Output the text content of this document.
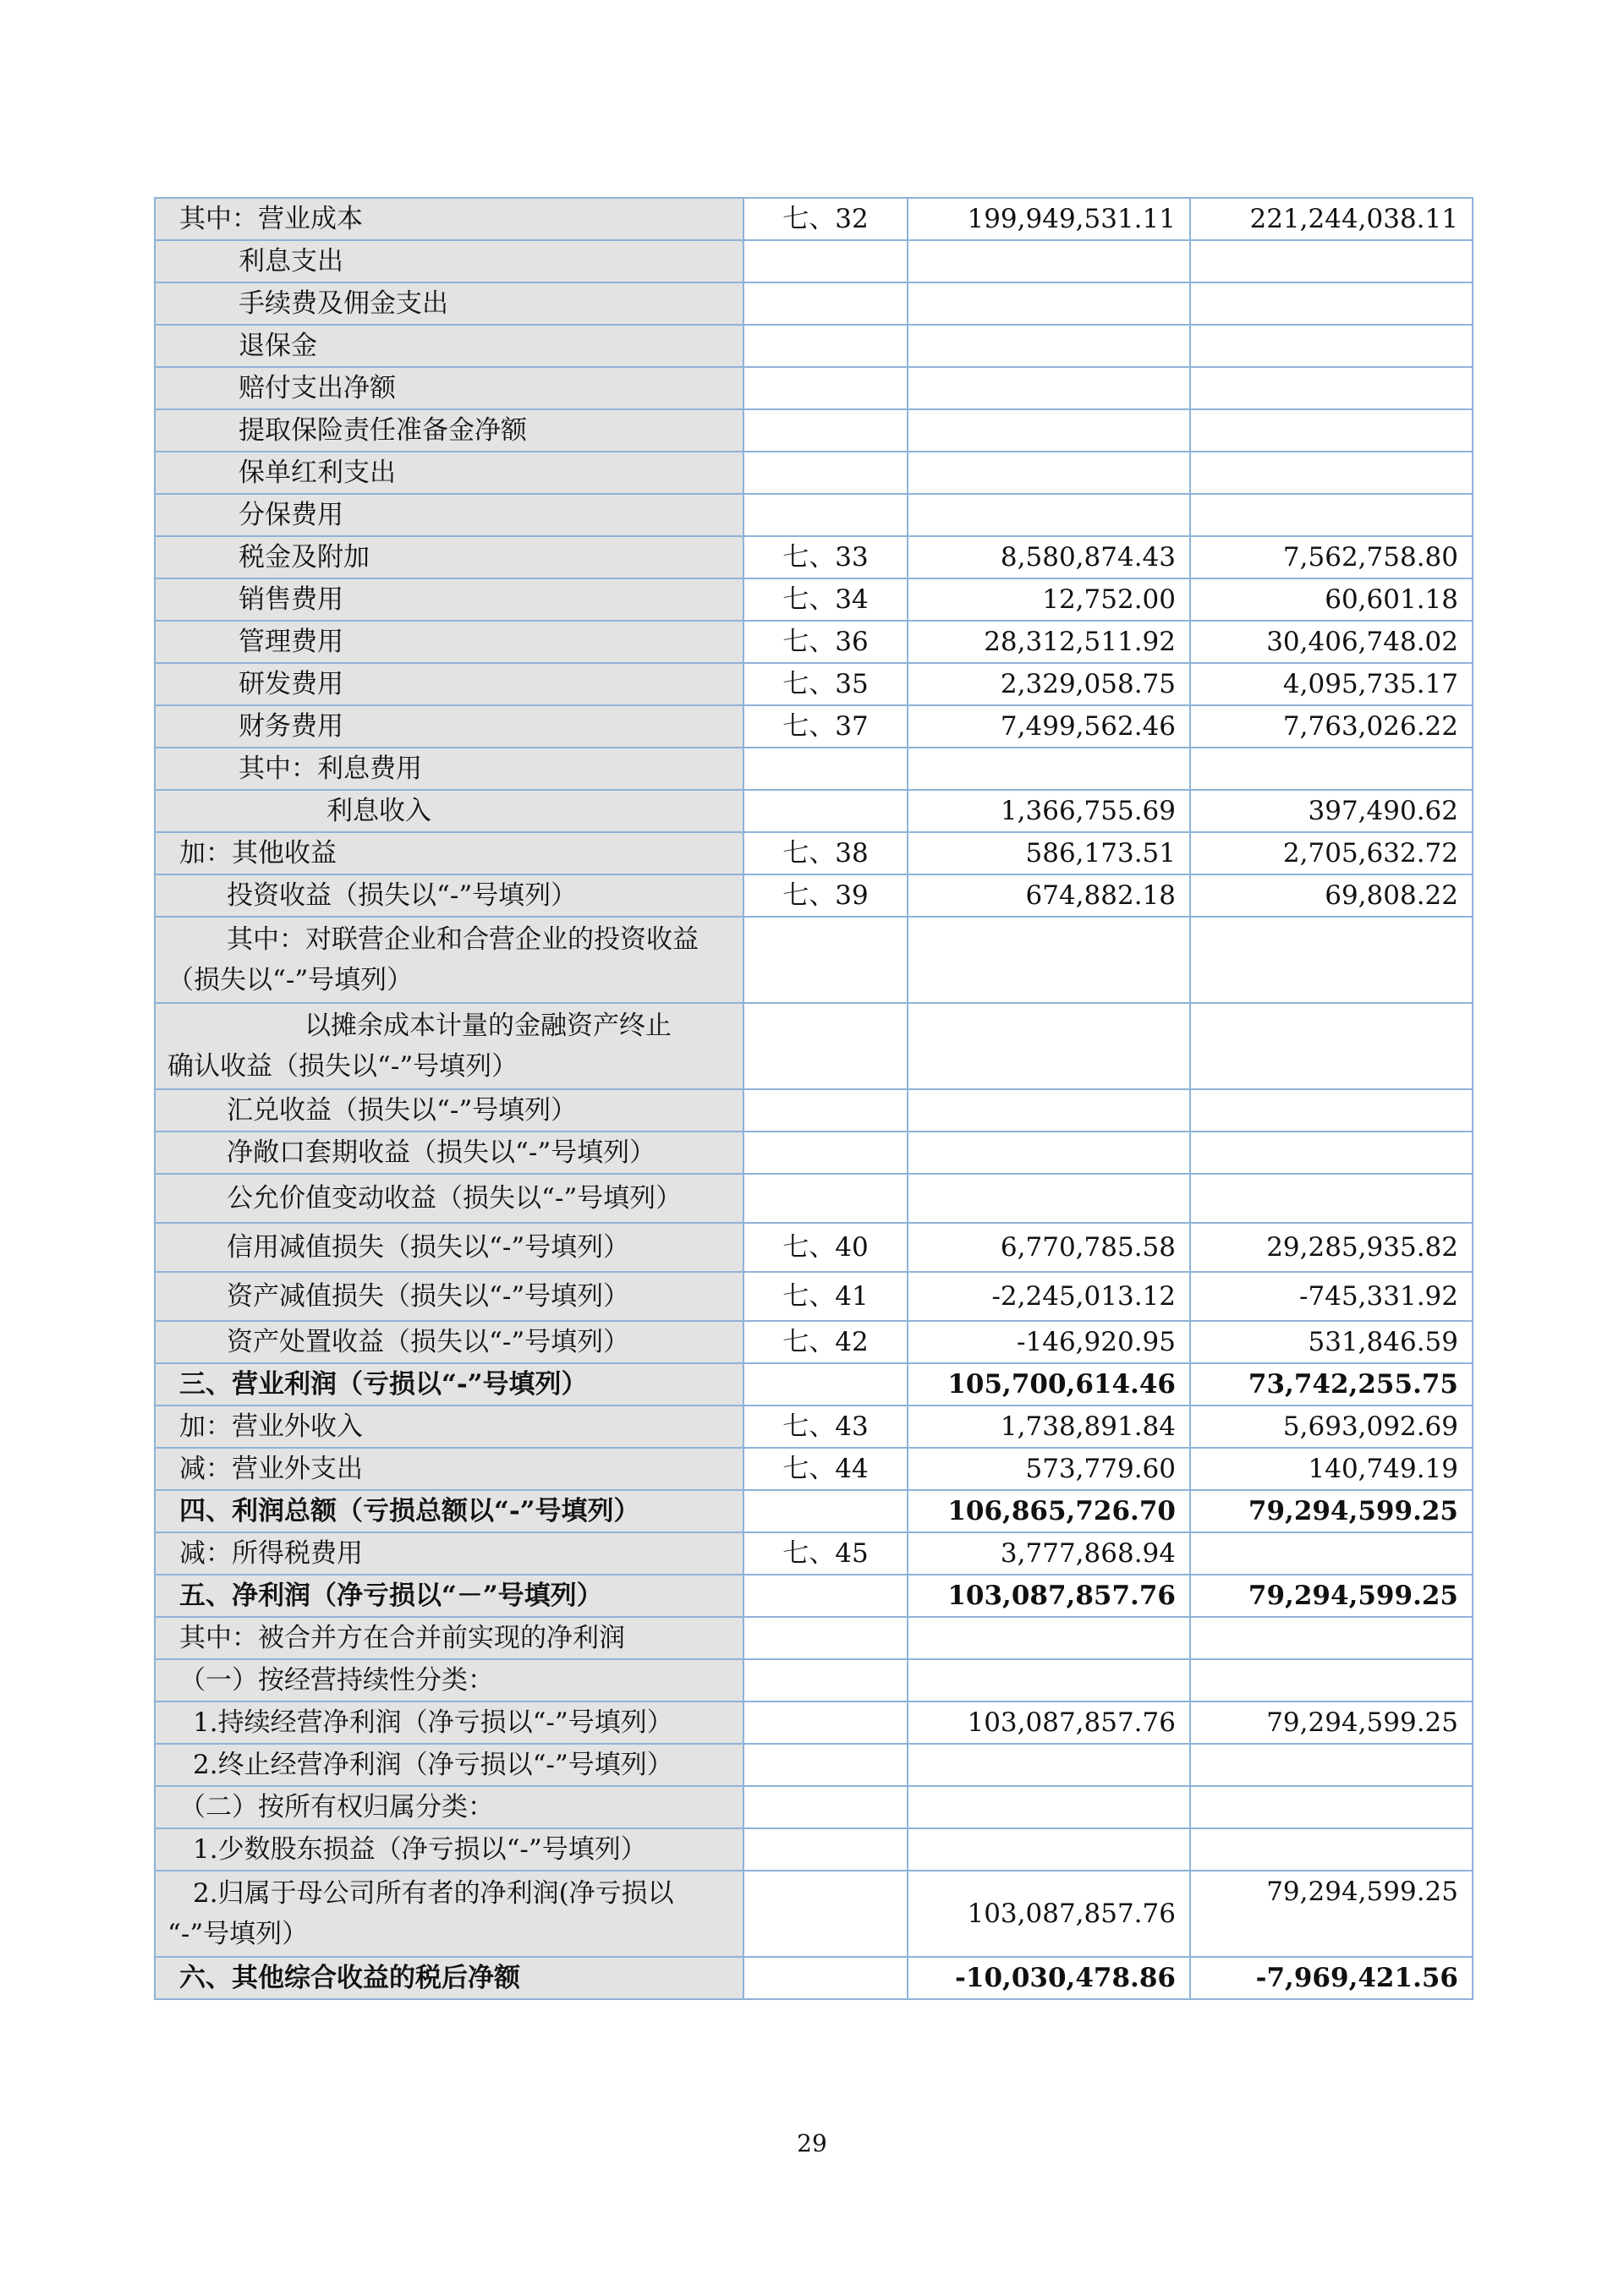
其中：营业成本	七、32	199,949,531.11	221,244,038.11
利息支出			
手续费及佣金支出			
退保金			
赔付支出净额			
提取保险责任准备金净额			
保单红利支出			
分保费用			
税金及附加	七、33	8,580,874.43	7,562,758.80
销售费用	七、34	12,752.00	60,601.18
管理费用	七、36	28,312,511.92	30,406,748.02
研发费用	七、35	2,329,058.75	4,095,735.17
财务费用	七、37	7,499,562.46	7,763,026.22
其中：利息费用			
利息收入		1,366,755.69	397,490.62
加：其他收益	七、38	586,173.51	2,705,632.72
投资收益（损失以“-”号填列）	七、39	674,882.18	69,808.22
其中：对联营企业和合营企业的投资收益
（损失以“-”号填列）			
以摊余成本计量的金融资产终止
确认收益（损失以“-”号填列）			
汇兑收益（损失以“-”号填列）			
净敞口套期收益（损失以“-”号填列）			
公允价值变动收益（损失以“-”号填列）			
信用减值损失（损失以“-”号填列）	七、40	6,770,785.58	29,285,935.82
资产减值损失（损失以“-”号填列）	七、41	-2,245,013.12	-745,331.92
资产处置收益（损失以“-”号填列）	七、42	-146,920.95	531,846.59
三、营业利润（亏损以“-”号填列）		105,700,614.46	73,742,255.75
加：营业外收入	七、43	1,738,891.84	5,693,092.69
减：营业外支出	七、44	573,779.60	140,749.19
四、利润总额（亏损总额以“-”号填列）		106,865,726.70	79,294,599.25
减：所得税费用	七、45	3,777,868.94	
五、净利润（净亏损以“－”号填列）		103,087,857.76	79,294,599.25
其中：被合并方在合并前实现的净利润			
（一）按经营持续性分类：			
1.持续经营净利润（净亏损以“-”号填列）		103,087,857.76	79,294,599.25
2.终止经营净利润（净亏损以“-”号填列）			
（二）按所有权归属分类：			
1.少数股东损益（净亏损以“-”号填列）			
2.归属于母公司所有者的净利润(净亏损以
“-”号填列）		103,087,857.76	79,294,599.25
六、其他综合收益的税后净额		-10,030,478.86	-7,969,421.56
29
